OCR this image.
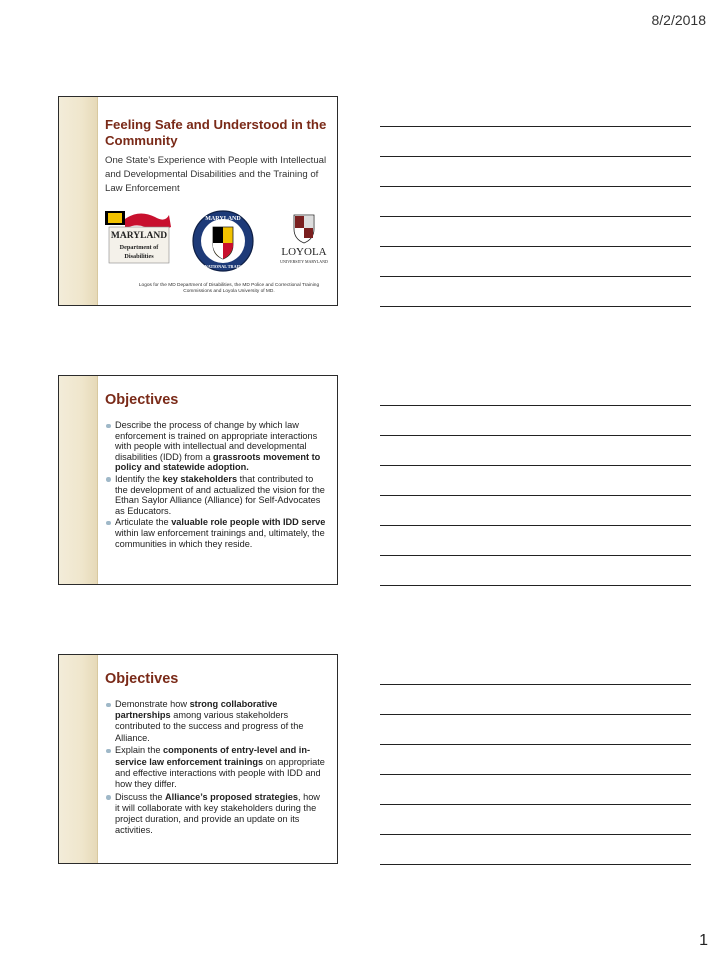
8/2/2018
Feeling Safe and Understood in the Community
One State’s Experience with People with Intellectual and Developmental Disabilities and the Training of Law Enforcement
MARYLAND
Department of
Disabilities
MARYLAND
NATIONAL TRAIN
LOYOLA
UNIVERSITY MARYLAND
Logos for the MD Department of Disabilities, the MD Police and Correctional Training Commissions and Loyola University of MD.
Objectives
Describe the process of change by which law enforcement is trained on appropriate interactions with people with intellectual and developmental disabilities (IDD) from a grassroots movement to policy and statewide adoption.
Identify the key stakeholders that contributed to the development of and actualized the vision for the Ethan Saylor Alliance (Alliance) for Self-Advocates as Educators.
Articulate the valuable role people with IDD serve within law enforcement trainings and, ultimately, the communities in which they reside.
Objectives
Demonstrate how strong collaborative partnerships among various stakeholders contributed to the success and progress of the Alliance.
Explain the components of entry-level and in-service law enforcement trainings on appropriate and effective interactions with people with IDD and how they differ.
Discuss the Alliance’s proposed strategies, how it will collaborate with key stakeholders during the project duration, and provide an update on its activities.
1
